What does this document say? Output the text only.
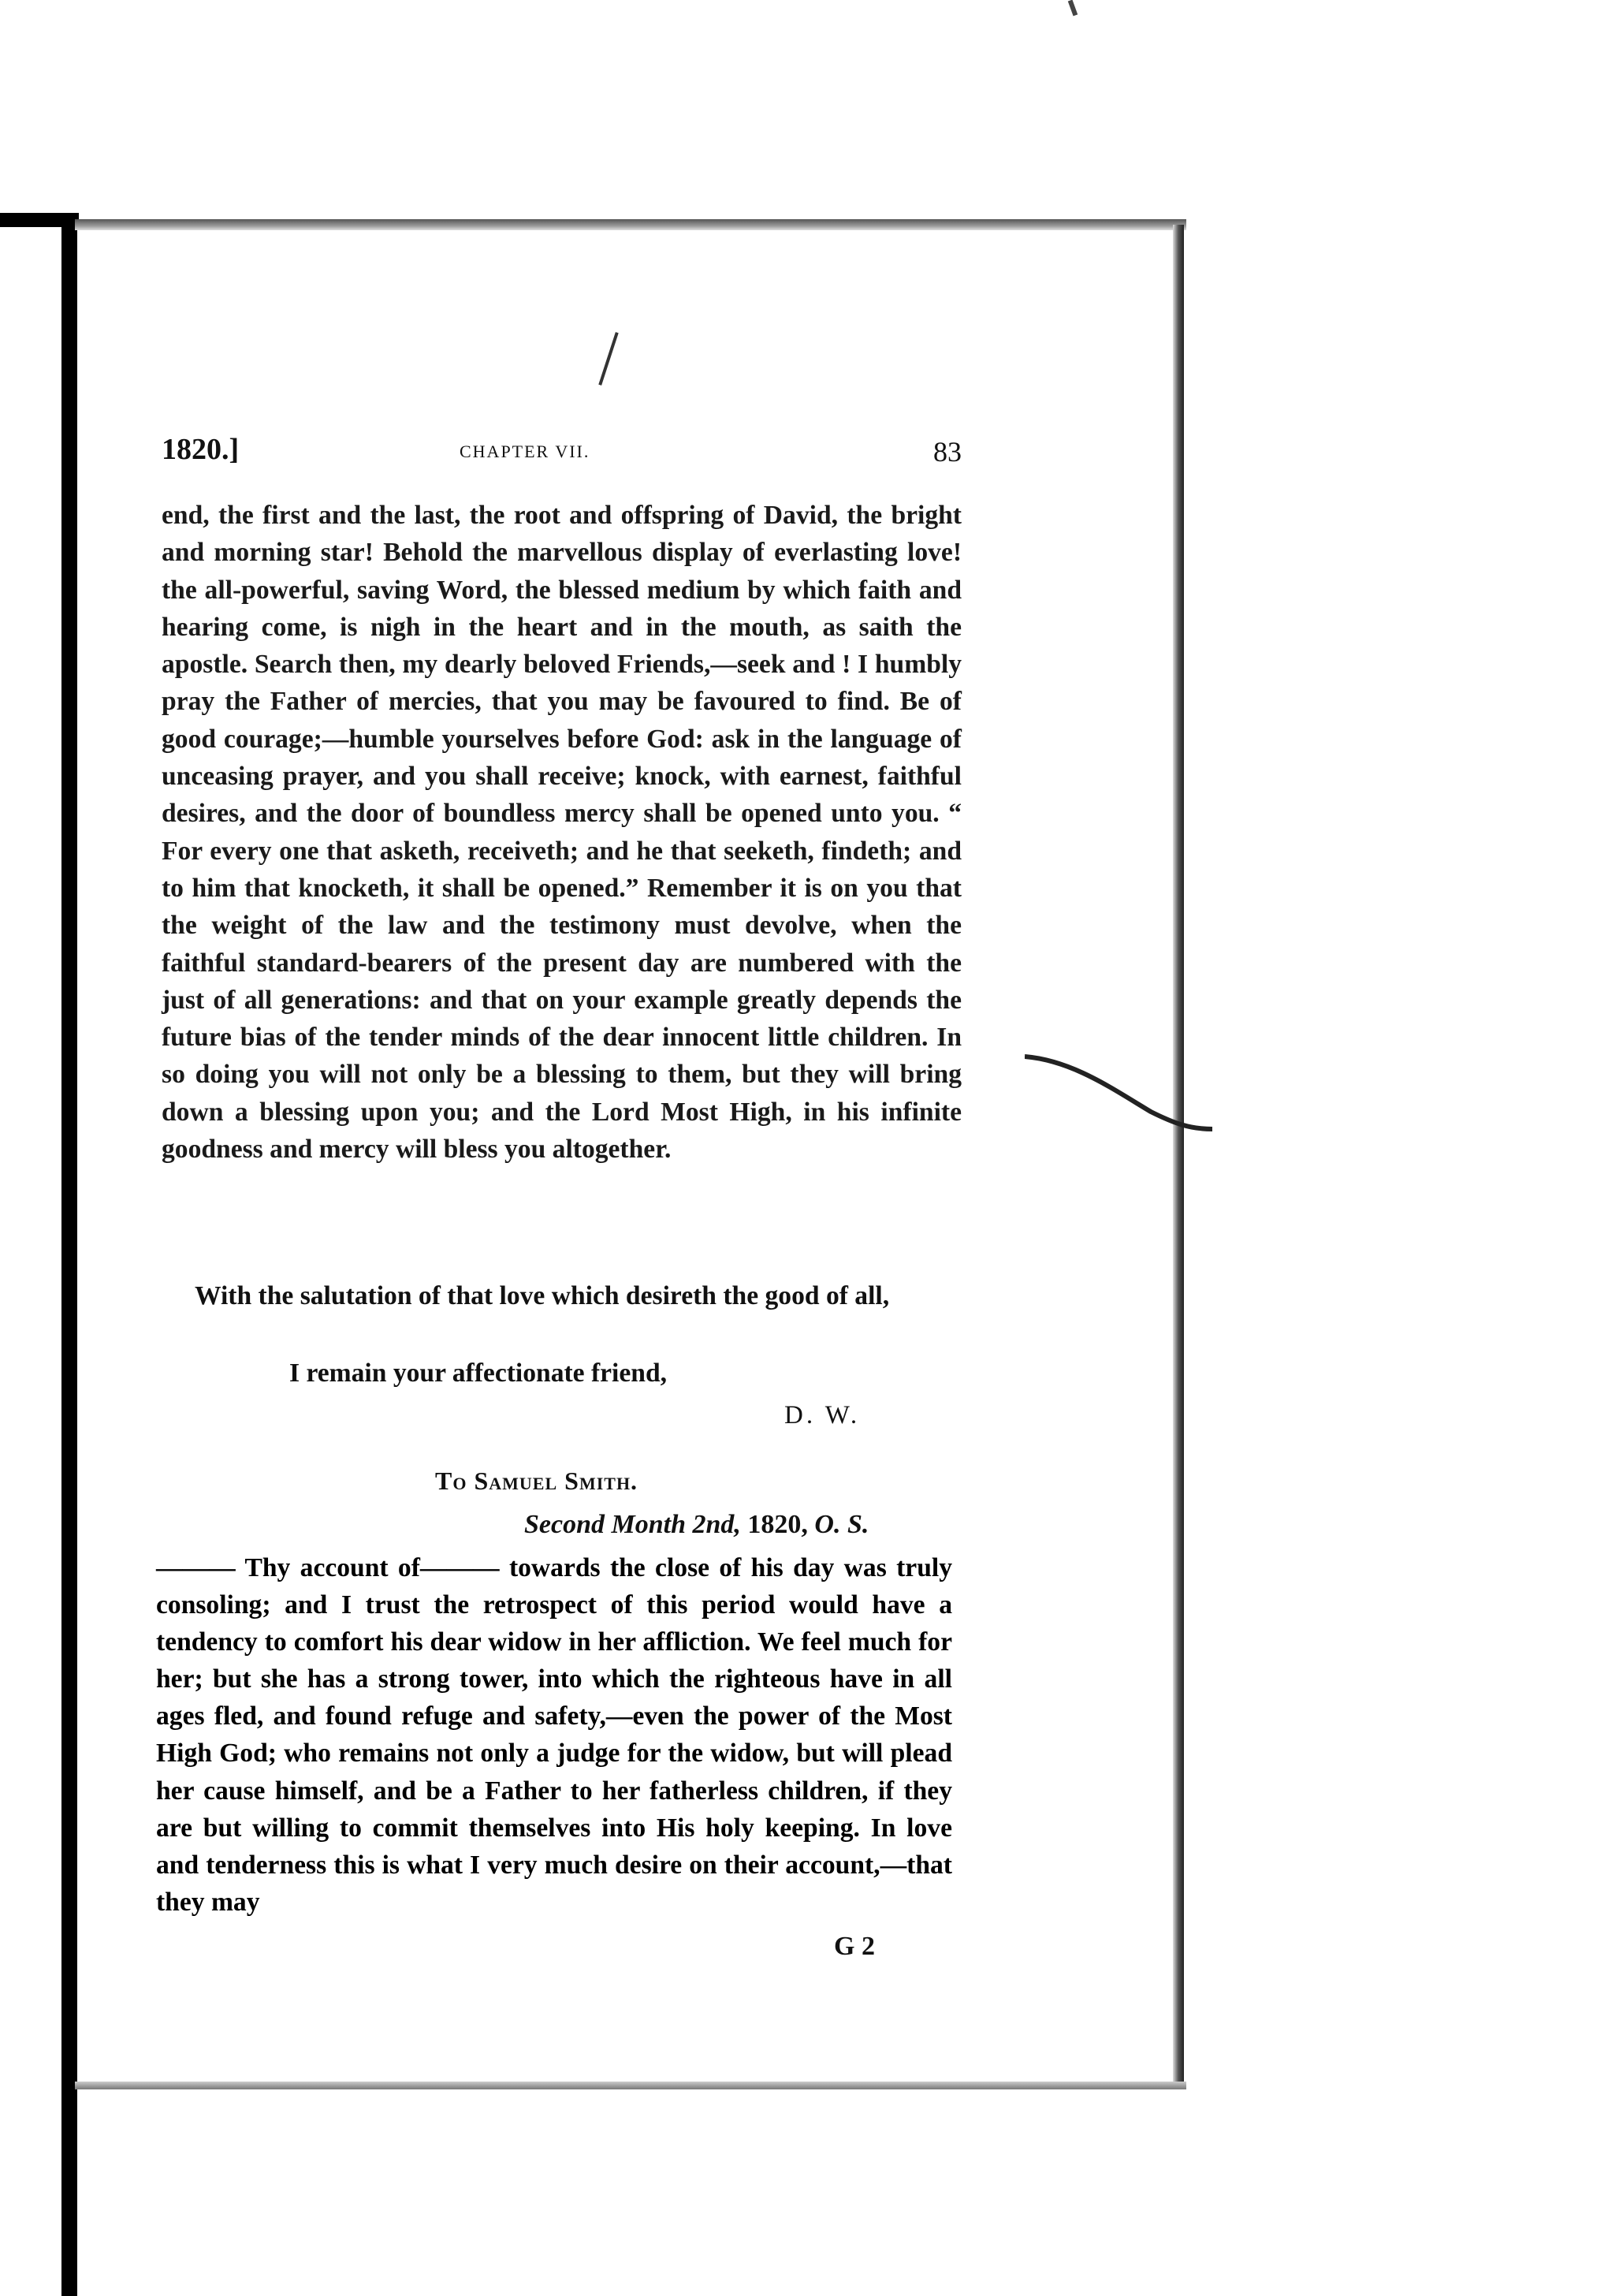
1820.]	CHAPTER VII.	83
end, the first and the last, the root and offspring of David, the bright and morning star! Behold the marvellous display of everlasting love! the all-powerful, saving Word, the blessed medium by which faith and hearing come, is nigh in the heart and in the mouth, as saith the apostle. Search then, my dearly beloved Friends,—seek and ! I humbly pray the Father of mercies, that you may be favoured to find. Be of good courage;—humble yourselves before God: ask in the language of unceasing prayer, and you shall receive; knock, with earnest, faithful desires, and the door of boundless mercy shall be opened unto you. “ For every one that asketh, receiveth; and he that seeketh, findeth; and to him that knocketh, it shall be opened.” Remember it is on you that the weight of the law and the testimony must devolve, when the faithful standard-bearers of the present day are numbered with the just of all generations: and that on your example greatly depends the future bias of the tender minds of the dear innocent little children. In so doing you will not only be a blessing to them, but they will bring down a blessing upon you; and the Lord Most High, in his infinite goodness and mercy will bless you altogether.
With the salutation of that love which desireth the good of all,
I remain your affectionate friend,
D. W.
To Samuel Smith.
Second Month 2nd, 1820, O. S.
——— Thy account of——— towards the close of his day was truly consoling; and I trust the retrospect of this period would have a tendency to comfort his dear widow in her affliction. We feel much for her; but she has a strong tower, into which the righteous have in all ages fled, and found refuge and safety,—even the power of the Most High God; who remains not only a judge for the widow, but will plead her cause himself, and be a Father to her fatherless children, if they are but willing to commit themselves into His holy keeping. In love and tenderness this is what I very much desire on their account,—that they may
G 2
